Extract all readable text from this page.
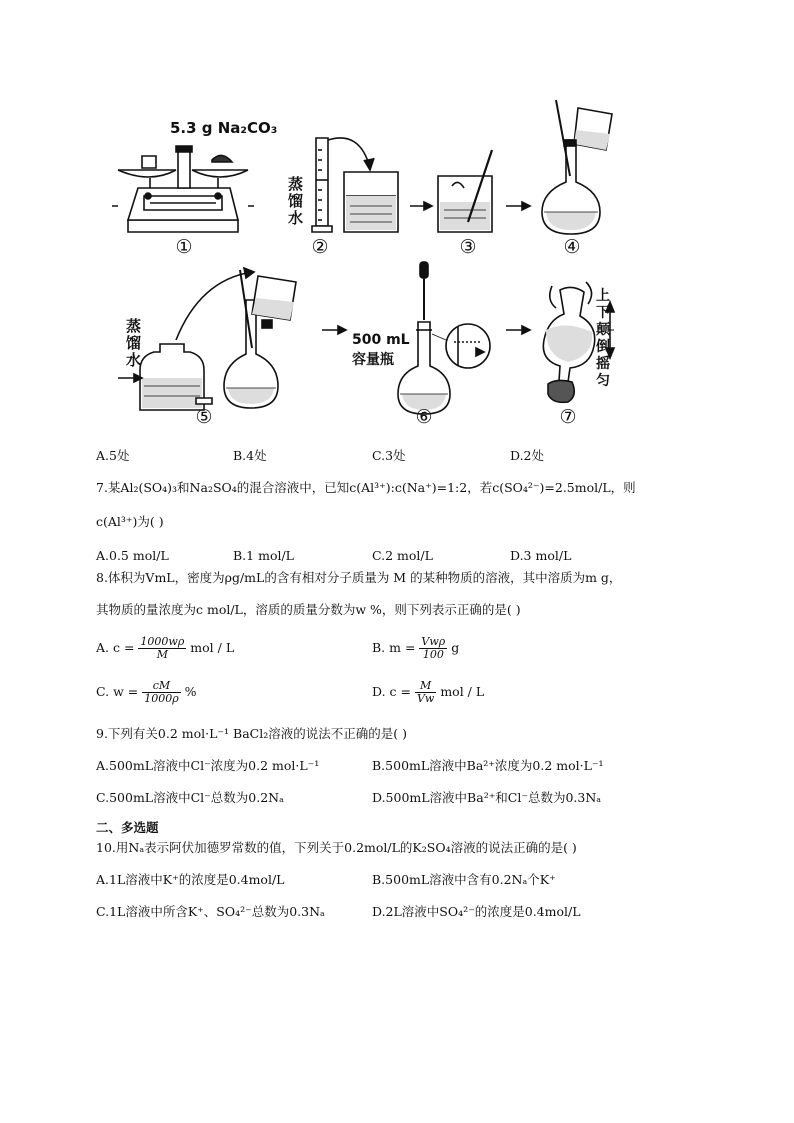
5.3 g Na₂CO₃
蒸馏水
蒸馏水
500 mL
容量瓶
上下颠倒摇匀
①	②	③	④
⑤	⑥	⑦
A.5处	B.4处	C.3处	D.2处
7.某Al₂(SO₄)₃和Na₂SO₄的混合溶液中，已知c(Al³⁺):c(Na⁺)=1:2，若c(SO₄²⁻)=2.5mol/L，则
c(Al³⁺)为( )
A.0.5 mol/L	B.1 mol/L	C.2 mol/L	D.3 mol/L
8.体积为VmL，密度为ρg/mL的含有相对分子质量为 M 的某种物质的溶液，其中溶质为m g，
其物质的量浓度为c mol/L，溶质的质量分数为w %，则下列表示正确的是( )
A. $c = \frac{1000w\rho}{M}$ mol / L	B. $m = \frac{\text{Vwρ}}{100}$ g
C. $w = \frac{cM}{1000\rho}$ %	D. $c = \frac{M}{Vw}$ mol / L
9.下列有关0.2 mol·L⁻¹ BaCl₂溶液的说法不正确的是( )
A.500mL溶液中Cl⁻浓度为0.2 mol·L⁻¹	B.500mL溶液中Ba²⁺浓度为0.2 mol·L⁻¹
C.500mL溶液中Cl⁻总数为0.2Nₐ	D.500mL溶液中Ba²⁺和Cl⁻总数为0.3Nₐ
二、多选题
10.用Nₐ表示阿伏加德罗常数的值，下列关于0.2mol/L的K₂SO₄溶液的说法正确的是( )
A.1L溶液中K⁺的浓度是0.4mol/L	B.500mL溶液中含有0.2Nₐ个K⁺
C.1L溶液中所含K⁺、SO₄²⁻总数为0.3Nₐ	D.2L溶液中SO₄²⁻的浓度是0.4mol/L
